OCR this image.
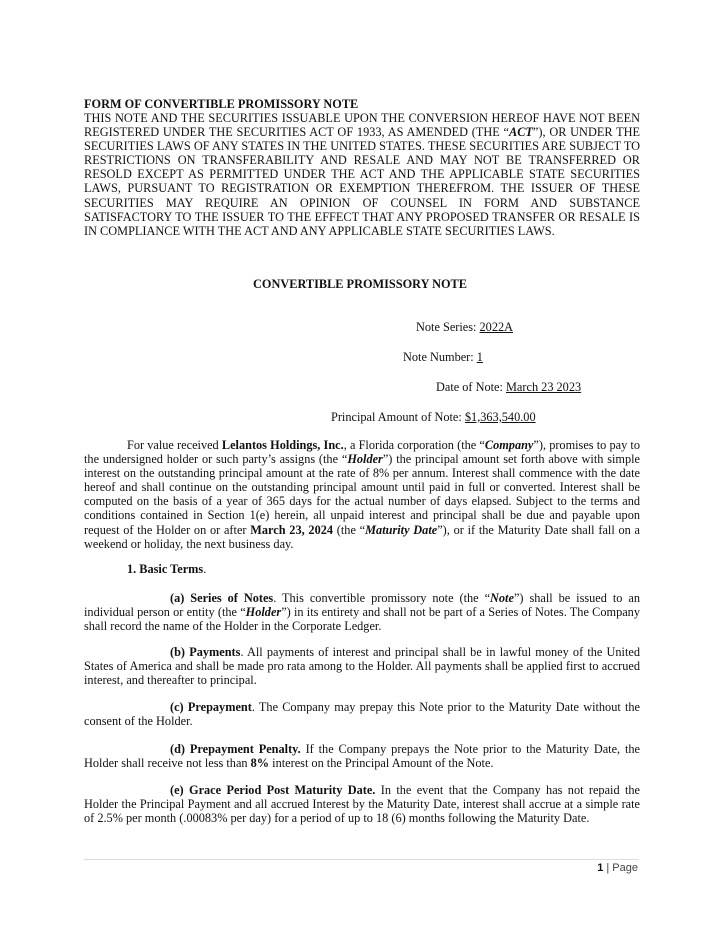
FORM OF CONVERTIBLE PROMISSORY NOTE
THIS NOTE AND THE SECURITIES ISSUABLE UPON THE CONVERSION HEREOF HAVE NOT BEEN REGISTERED UNDER THE SECURITIES ACT OF 1933, AS AMENDED (THE “ACT”), OR UNDER THE SECURITIES LAWS OF ANY STATES IN THE UNITED STATES. THESE SECURITIES ARE SUBJECT TO RESTRICTIONS ON TRANSFERABILITY AND RESALE AND MAY NOT BE TRANSFERRED OR RESOLD EXCEPT AS PERMITTED UNDER THE ACT AND THE APPLICABLE STATE SECURITIES LAWS, PURSUANT TO REGISTRATION OR EXEMPTION THEREFROM. THE ISSUER OF THESE SECURITIES MAY REQUIRE AN OPINION OF COUNSEL IN FORM AND SUBSTANCE SATISFACTORY TO THE ISSUER TO THE EFFECT THAT ANY PROPOSED TRANSFER OR RESALE IS IN COMPLIANCE WITH THE ACT AND ANY APPLICABLE STATE SECURITIES LAWS.
CONVERTIBLE PROMISSORY NOTE
Note Series: 2022A
Note Number: 1
Date of Note: March 23 2023
Principal Amount of Note: $1,363,540.00
For value received Lelantos Holdings, Inc., a Florida corporation (the “Company”), promises to pay to the undersigned holder or such party’s assigns (the “Holder”) the principal amount set forth above with simple interest on the outstanding principal amount at the rate of 8% per annum. Interest shall commence with the date hereof and shall continue on the outstanding principal amount until paid in full or converted. Interest shall be computed on the basis of a year of 365 days for the actual number of days elapsed. Subject to the terms and conditions contained in Section 1(e) herein, all unpaid interest and principal shall be due and payable upon request of the Holder on or after March 23, 2024 (the “Maturity Date”), or if the Maturity Date shall fall on a weekend or holiday, the next business day.
1. Basic Terms.
(a) Series of Notes. This convertible promissory note (the “Note”) shall be issued to an individual person or entity (the “Holder”) in its entirety and shall not be part of a Series of Notes. The Company shall record the name of the Holder in the Corporate Ledger.
(b) Payments. All payments of interest and principal shall be in lawful money of the United States of America and shall be made pro rata among to the Holder. All payments shall be applied first to accrued interest, and thereafter to principal.
(c) Prepayment. The Company may prepay this Note prior to the Maturity Date without the consent of the Holder.
(d) Prepayment Penalty. If the Company prepays the Note prior to the Maturity Date, the Holder shall receive not less than 8% interest on the Principal Amount of the Note.
(e) Grace Period Post Maturity Date. In the event that the Company has not repaid the Holder the Principal Payment and all accrued Interest by the Maturity Date, interest shall accrue at a simple rate of 2.5% per month (.00083% per day) for a period of up to 18 (6) months following the Maturity Date.
1 | Page
